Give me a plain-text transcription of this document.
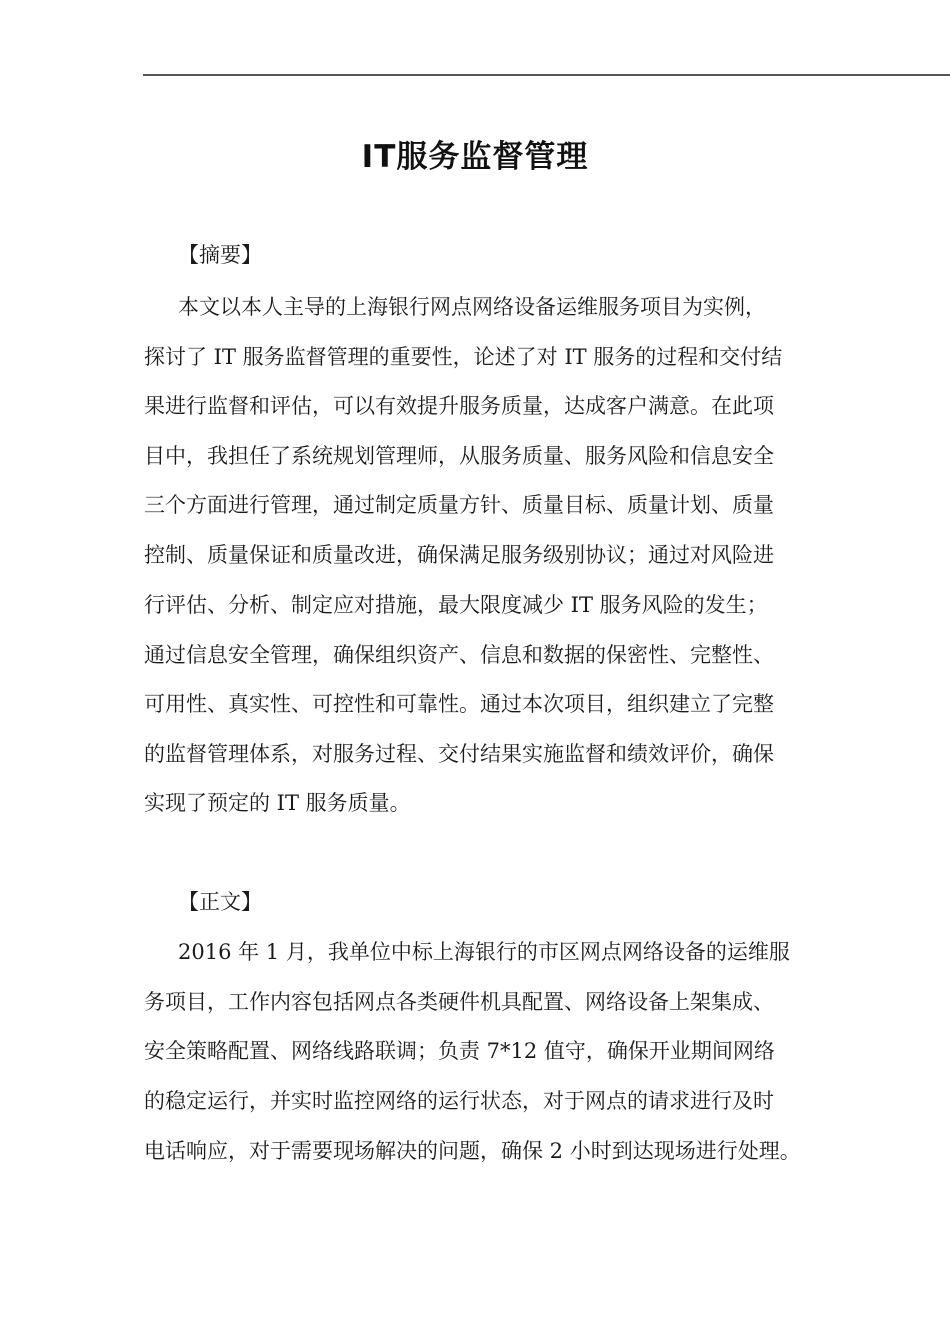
IT服务监督管理
【摘要】
本文以本人主导的上海银行网点网络设备运维服务项目为实例，
探讨了 IT 服务监督管理的重要性，论述了对 IT 服务的过程和交付结
果进行监督和评估，可以有效提升服务质量，达成客户满意。在此项
目中，我担任了系统规划管理师，从服务质量、服务风险和信息安全
三个方面进行管理，通过制定质量方针、质量目标、质量计划、质量
控制、质量保证和质量改进，确保满足服务级别协议；通过对风险进
行评估、分析、制定应对措施，最大限度减少 IT 服务风险的发生；
通过信息安全管理，确保组织资产、信息和数据的保密性、完整性、
可用性、真实性、可控性和可靠性。通过本次项目，组织建立了完整
的监督管理体系，对服务过程、交付结果实施监督和绩效评价，确保
实现了预定的 IT 服务质量。
【正文】
2016 年 1 月，我单位中标上海银行的市区网点网络设备的运维服
务项目，工作内容包括网点各类硬件机具配置、网络设备上架集成、
安全策略配置、网络线路联调；负责 7*12 值守，确保开业期间网络
的稳定运行，并实时监控网络的运行状态，对于网点的请求进行及时
电话响应，对于需要现场解决的问题，确保 2 小时到达现场进行处理。
